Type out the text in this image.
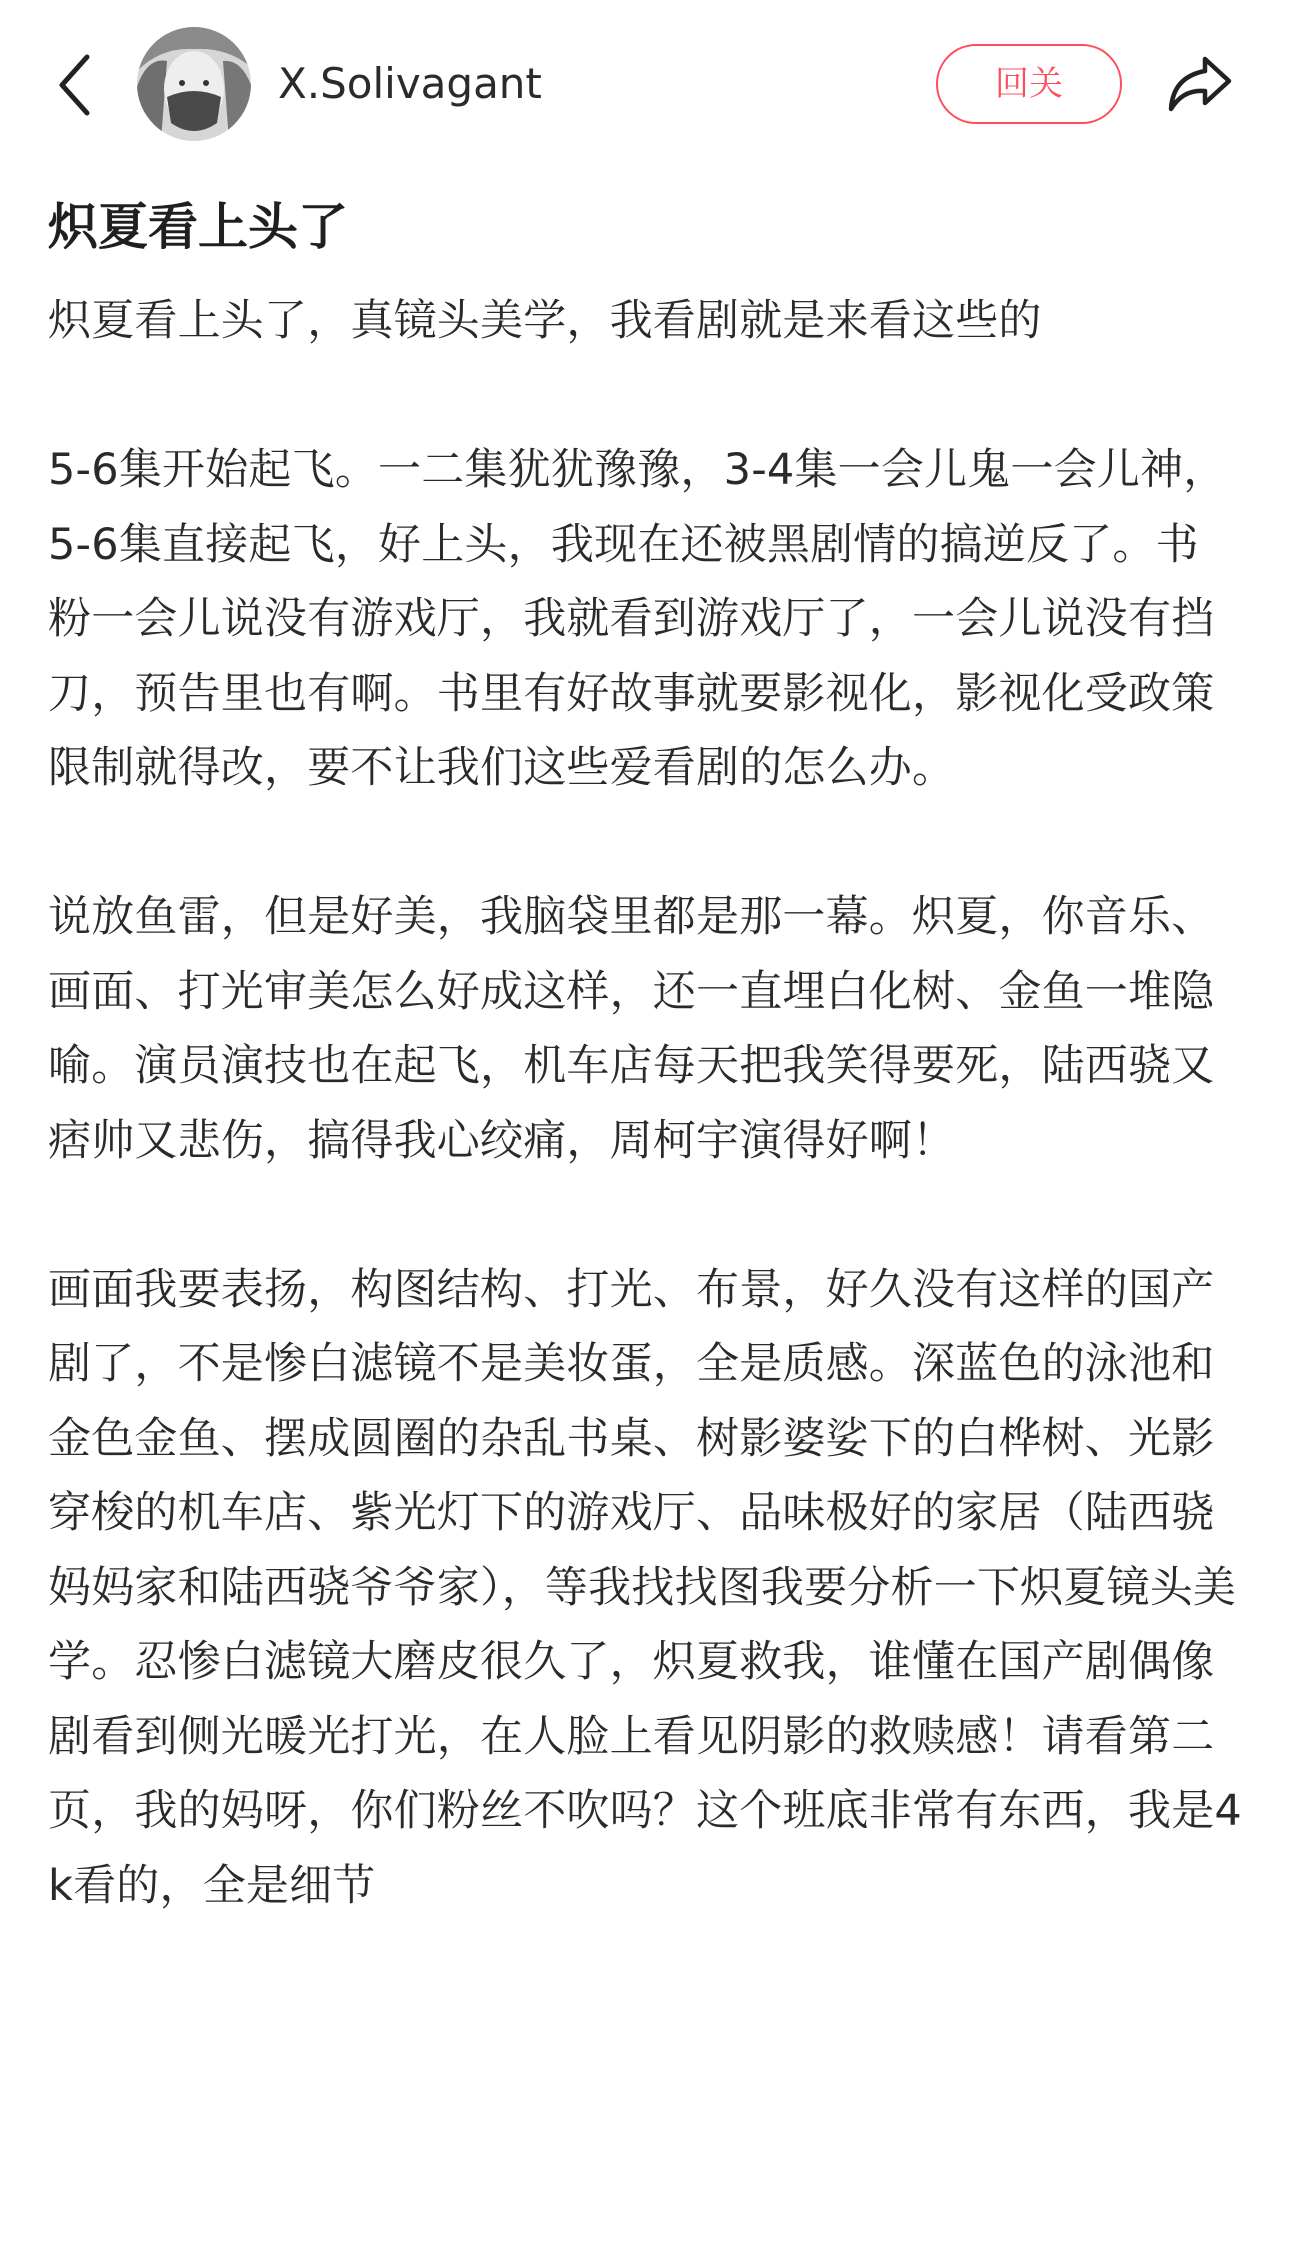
X.Solivagant	回关
炽夏看上头了

炽夏看上头了，真镜头美学，我看剧就是来看这些的

5-6集开始起飞。一二集犹犹豫豫，3-4集一会儿鬼一会儿神，5-6集直接起飞，好上头，我现在还被黑剧情的搞逆反了。书粉一会儿说没有游戏厅，我就看到游戏厅了，一会儿说没有挡刀，预告里也有啊。书里有好故事就要影视化，影视化受政策限制就得改，要不让我们这些爱看剧的怎么办。

说放鱼雷，但是好美，我脑袋里都是那一幕。炽夏，你音乐、画面、打光审美怎么好成这样，还一直埋白化树、金鱼一堆隐喻。演员演技也在起飞，机车店每天把我笑得要死，陆西骁又痞帅又悲伤，搞得我心绞痛，周柯宇演得好啊！

画面我要表扬，构图结构、打光、布景，好久没有这样的国产剧了，不是惨白滤镜不是美妆蛋，全是质感。深蓝色的泳池和金色金鱼、摆成圆圈的杂乱书桌、树影婆娑下的白桦树、光影穿梭的机车店、紫光灯下的游戏厅、品味极好的家居（陆西骁妈妈家和陆西骁爷爷家），等我找找图我要分析一下炽夏镜头美学。忍惨白滤镜大磨皮很久了，炽夏救我，谁懂在国产剧偶像剧看到侧光暖光打光，在人脸上看见阴影的救赎感！请看第二页，我的妈呀，你们粉丝不吹吗？这个班底非常有东西，我是4k看的，全是细节
